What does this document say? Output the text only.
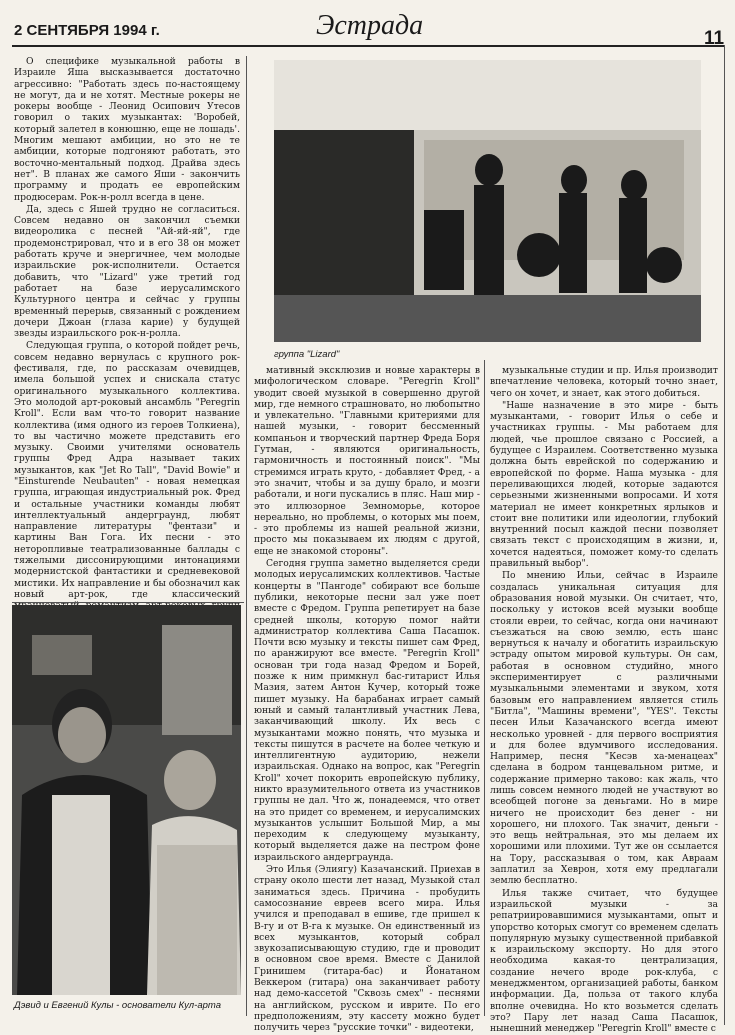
2 СЕНТЯБРЯ 1994 г.	Эстрада	11

О специфике музыкальной работы в Израиле Яша высказывается достаточно агрессивно: "Работать здесь по-настоящему не могут, да и не хотят. Местные рокеры не рокеры вообще - Леонид Осипович Утесов говорил о таких музыкантах: 'Воробей, который залетел в конюшню, еще не лошадь'. Многим мешают амбиции, но это не те амбиции, которые подгоняют работать, это восточно-ментальный подход. Драйва здесь нет". В планах же самого Яши - закончить программу и продать ее европейским продюсерам. Рок-н-ролл всегда в цене.

Да, здесь с Яшей трудно не согласиться. Совсем недавно он закончил съемки видеоролика с песней "Ай-яй-яй", где продемонстрировал, что и в его 38 он может работать круче и энергичнее, чем молодые израильские рок-исполнители. Остается добавить, что "Lizard" уже третий год работает на базе иерусалимского Культурного центра и сейчас у группы временный перерыв, связанный с рождением дочери Джоан (глаза карие) у будущей звезды израильского рок-н-ролла.

Следующая группа, о которой пойдет речь, совсем недавно вернулась с крупного рок-фестиваля, где, по рассказам очевидцев, имела большой успех и снискала статус оригинального музыкального коллектива. Это молодой арт-роковый ансамбль "Peregrin Kroll". Если вам что-то говорит название коллектива (имя одного из героев Толкиена), то вы частично можете представить его музыку. Своими учителями основатель группы Фред Адра называет таких музыкантов, как "Jet Ro Tall", "David Bowie" и "Einsturende Neubauten" - новая немецкая группа, играющая индустриальный рок. Фред и остальные участники команды любят интеллектуальный андерграунд, любят направление литературы "фентази" и картины Ван Гога. Их песни - это неторопливые театрализованные баллады с тяжелыми диссонирующими интонациями модернистской фантастики и средневековой мистики. Их направление и бы обозначил как новый арт-рок, где классический

Дэвид и Евгений Кулы - основатели Кул-арта
группа "Lizard"

мативный эксклюзив и новые характеры в мифологическом словаре. "Peregrin Kroll" уводит своей музыкой в совершенно другой мир, где немного страшновато, но любопытно и увлекательно. "Главными критериями для нашей музыки, - говорит бессменный компаньон и творческий партнер Фреда Боря Гутман, - являются оригинальность, гармоничность и постоянный поиск". "Мы стремимся играть круто, - добавляет Фред, - а это значит, чтобы и за душу брало, и мозги работали, и ноги пускались в пляс. Наш мир - это иллюзорное Земноморье, которое нереально, но проблемы, о которых мы поем, - это проблемы из нашей реальной жизни, просто мы показываем их людям с другой, еще не знакомой стороны".

Сегодня группа заметно выделяется среди молодых иерусалимских коллективов. Частые концерты в "Пангоде" собирают все больше публики, некоторые песни зал уже поет вместе с Фредом. Группа репетирует на базе средней школы, которую помог найти администратор коллектива Саша Пасашок. Почти всю музыку и тексты пишет сам Фред, по аранжируют все вместе. "Peregrin Kroll" основан три года назад Фредом и Борей, позже к ним примкнул бас-гитарист Илья Мазия, затем Антон Кучер, который тоже пишет музыку. На барабанах играет самый юный и самый талантливый участник Лева, заканчивающий школу. Их весь с музыкантами можно понять, что музыка и тексты пишутся в расчете на более четкую и интеллигентную аудиторию, нежели израильская. Однако на вопрос, как "Peregrin Kroll" хочет покорить европейскую публику, никто вразумительного ответа из участников группы не дал. Что ж, понадеемся, что ответ на это придет со временем, и иерусалимских музыкантов услышит Большой Мир, а мы переходим к следующему музыканту, который выделяется даже на пестром фоне израильского андерграунда.

Это Илья (Элиягу) Казачанский. Приехав в страну около шести лет назад, Музыкой стал заниматься здесь. Причина - пробудить самосознание евреев всего мира. Илья учился и преподавал в ешиве, где пришел к В-гу и от В-га к музыке. Он единственный из всех музыкантов, который собрал звукозаписывающую студию, где и проводит в основном свое время. Вместе с Данилой Гринишем (гитара-бас) и Йонатаном Веккером (гитара) она заканчивает работу над демо-кассетой "Сквозь смех" - песнями на английском, русском и иврите. По его предположениям, эту кассету можно будет получить через "русские точки" - видеотеки,

музыкальные студии и пр. Илья производит впечатление человека, который точно знает, чего он хочет, и знает, как этого добиться.

"Наше назначение в это мире - быть музыкантами, - говорит Илья о себе и участниках группы. - Мы работаем для людей, чье прошлое связано с Россией, а будущее с Израилем. Соответственно музыка должна быть еврейской по содержанию и европейской по форме. Наша музыка - для переливающихся людей, которые задаются серьезными жизненными вопросами. И хотя материал не имеет конкретных ярлыков и стоит вне политики или идеологии, глубокий внутренний посыл каждой песни позволяет связать текст с происходящим в жизни, и, хочется надеяться, поможет кому-то сделать правильный выбор".

По мнению Ильи, сейчас в Израиле создалась уникальная ситуация для образования новой музыки. Он считает, что, поскольку у истоков всей музыки вообще стояли евреи, то сейчас, когда они начинают съезжаться на свою землю, есть шанс вернуться к началу и обогатить израильскую эстраду опытом мировой культуры. Он сам, работая в основном студийно, много экспериментирует с различными музыкальными элементами и звуком, хотя базовым его направлением является стиль "Битла", "Машины времени", "YES". Тексты песен Ильи Казачанского всегда имеют несколько уровней - для первого восприятия и для более вдумчивого исследования. Например, песня "Кесэв ха-менацеах" сделана в бодром танцевальном ритме, и содержание примерно таково: как жаль, что лишь совсем немного людей не участвуют во всеобщей погоне за деньгами. Но в мире ничего не происходит без денег - ни хорошего, ни плохого. Так значит, деньги - это вещь нейтральная, это мы делаем их хорошими или плохими. Тут же он ссылается на Тору, рассказывая о том, как Авраам заплатил за Хеврон, хотя ему предлагали землю бесплатно.

Илья также считает, что будущее израильской музыки - за репатриировавшимися музыкантами, опыт и упорство которых смогут со временем сделать популярную музыку существенной прибавкой к израильскому экспорту. Но для этого необходима какая-то централизация, создание нечего вроде рок-клуба, с менеджментом, организацией работы, банком информации. Да, польза от такого клуба вполне очевидна. Но кто возьмется сделать это? Пару лет назад Саша Пасашок, нынешний менеджер "Peregrin Kroll" вместе с
